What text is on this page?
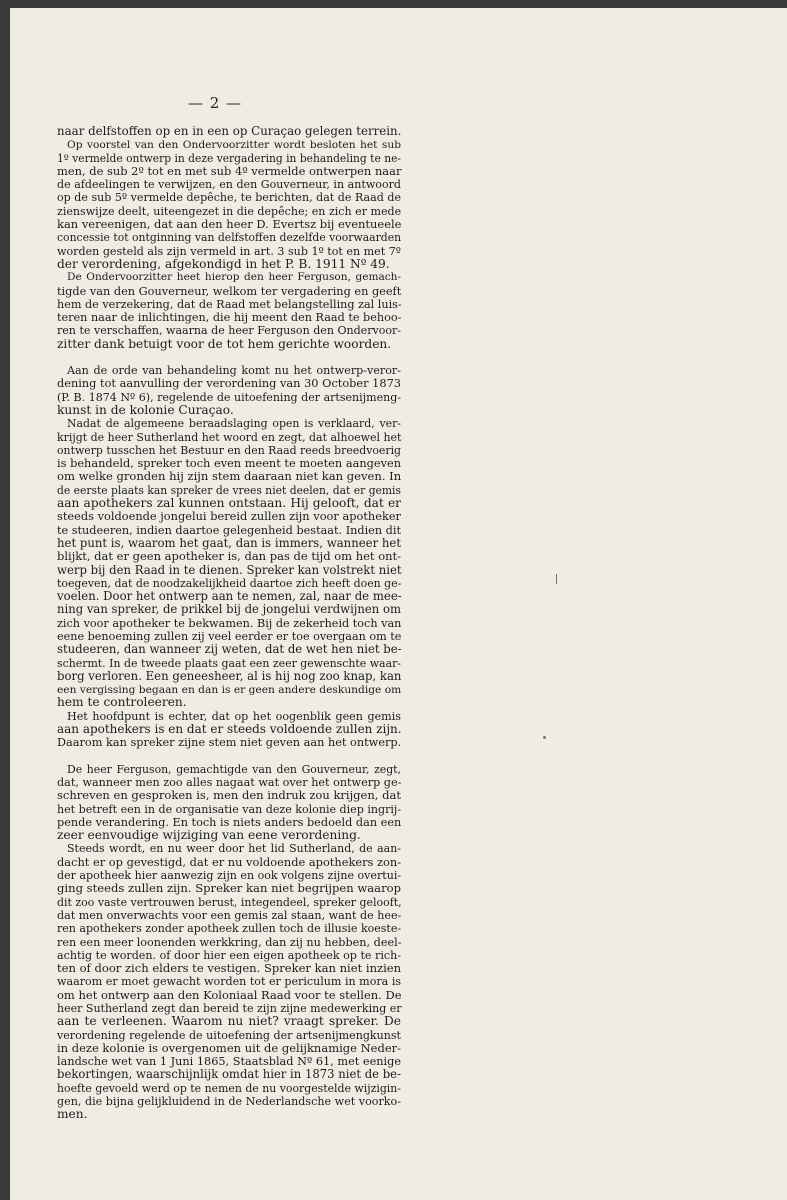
— 2 —
naar delfstoffen op en in een op Curaçao gelegen terrein.
Op voorstel van den Ondervoorzitter wordt besloten het sub
1º vermelde ontwerp in deze vergadering in behandeling te ne-
men, de sub 2º tot en met sub 4º vermelde ontwerpen naar
de afdeelingen te verwijzen, en den Gouverneur, in antwoord
op de sub 5º vermelde depêche, te berichten, dat de Raad de
zienswijze deelt, uiteengezet in die depêche; en zich er mede
kan vereenigen, dat aan den heer D. Evertsz bij eventueele
concessie tot ontginning van delfstoffen dezelfde voorwaarden
worden gesteld als zijn vermeld in art. 3 sub 1º tot en met 7º
der verordening, afgekondigd in het P. B. 1911 Nº 49.
De Ondervoorzitter heet hierop den heer Ferguson, gemach-
tigde van den Gouverneur, welkom ter vergadering en geeft
hem de verzekering, dat de Raad met belangstelling zal luis-
teren naar de inlichtingen, die hij meent den Raad te behoo-
ren te verschaffen, waarna de heer Ferguson den Ondervoor-
zitter dank betuigt voor de tot hem gerichte woorden.
Aan de orde van behandeling komt nu het ontwerp-veror-
dening tot aanvulling der verordening van 30 October 1873
(P. B. 1874 Nº 6), regelende de uitoefening der artsenijmeng-
kunst in de kolonie Curaçao.
Nadat de algemeene beraadslaging open is verklaard, ver-
krijgt de heer Sutherland het woord en zegt, dat alhoewel het
ontwerp tusschen het Bestuur en den Raad reeds breedvoerig
is behandeld, spreker toch even meent te moeten aangeven
om welke gronden hij zijn stem daaraan niet kan geven. In
de eerste plaats kan spreker de vrees niet deelen, dat er gemis
aan apothekers zal kunnen ontstaan. Hij gelooft, dat er
steeds voldoende jongelui bereid zullen zijn voor apotheker
te studeeren, indien daartoe gelegenheid bestaat. Indien dit
het punt is, waarom het gaat, dan is immers, wanneer het
blijkt, dat er geen apotheker is, dan pas de tijd om het ont-
werp bij den Raad in te dienen. Spreker kan volstrekt niet
toegeven, dat de noodzakelijkheid daartoe zich heeft doen ge-
voelen. Door het ontwerp aan te nemen, zal, naar de mee-
ning van spreker, de prikkel bij de jongelui verdwijnen om
zich voor apotheker te bekwamen. Bij de zekerheid toch van
eene benoeming zullen zij veel eerder er toe overgaan om te
studeeren, dan wanneer zij weten, dat de wet hen niet be-
schermt. In de tweede plaats gaat een zeer gewenschte waar-
borg verloren. Een geneesheer, al is hij nog zoo knap, kan
een vergissing begaan en dan is er geen andere deskundige om
hem te controleeren.
Het hoofdpunt is echter, dat op het oogenblik geen gemis
aan apothekers is en dat er steeds voldoende zullen zijn.
Daarom kan spreker zijne stem niet geven aan het ontwerp.
De heer Ferguson, gemachtigde van den Gouverneur, zegt,
dat, wanneer men zoo alles nagaat wat over het ontwerp ge-
schreven en gesproken is, men den indruk zou krijgen, dat
het betreft een in de organisatie van deze kolonie diep ingrij-
pende verandering. En toch is niets anders bedoeld dan een
zeer eenvoudige wijziging van eene verordening.
Steeds wordt, en nu weer door het lid Sutherland, de aan-
dacht er op gevestigd, dat er nu voldoende apothekers zon-
der apotheek hier aanwezig zijn en ook volgens zijne overtui-
ging steeds zullen zijn. Spreker kan niet begrijpen waarop
dit zoo vaste vertrouwen berust, integendeel, spreker gelooft,
dat men onverwachts voor een gemis zal staan, want de hee-
ren apothekers zonder apotheek zullen toch de illusie koeste-
ren een meer loonenden werkkring, dan zij nu hebben, deel-
achtig te worden. of door hier een eigen apotheek op te rich-
ten of door zich elders te vestigen. Spreker kan niet inzien
waarom er moet gewacht worden tot er periculum in mora is
om het ontwerp aan den Koloniaal Raad voor te stellen. De
heer Sutherland zegt dan bereid te zijn zijne medewerking er
aan te verleenen. Waarom nu niet? vraagt spreker. De
verordening regelende de uitoefening der artsenijmengkunst
in deze kolonie is overgenomen uit de gelijknamige Neder-
landsche wet van 1 Juni 1865, Staatsblad Nº 61, met eenige
bekortingen, waarschijnlijk omdat hier in 1873 niet de be-
hoefte gevoeld werd op te nemen de nu voorgestelde wijzigin-
gen, die bijna gelijkluidend in de Nederlandsche wet voorko-
men.
